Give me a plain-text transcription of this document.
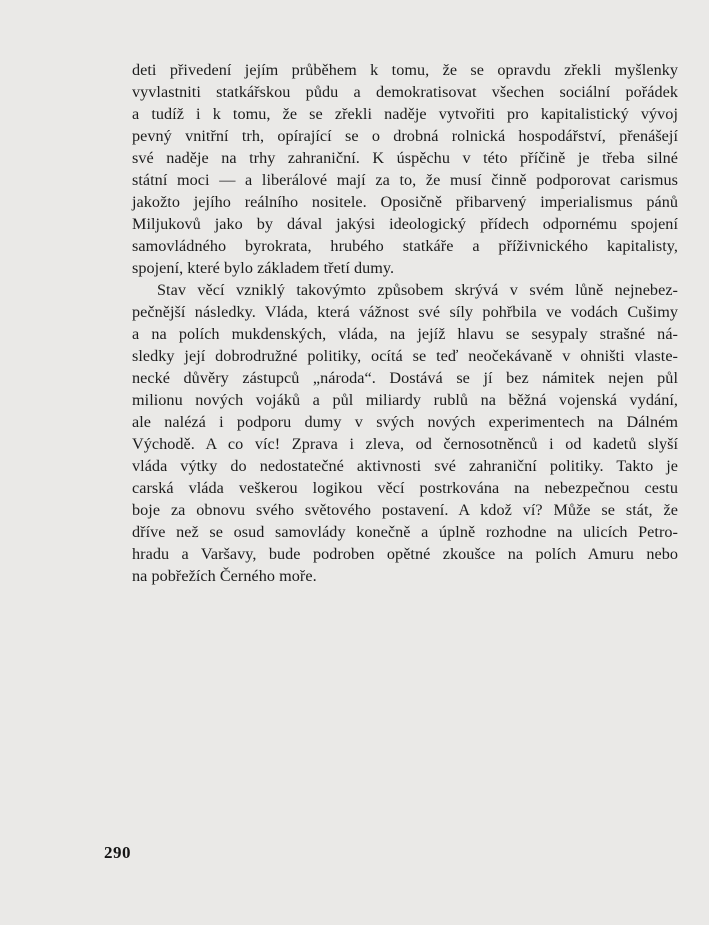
deti přivedení jejím průběhem k tomu, že se opravdu zřekli myšlenky
vyvlastniti statkářskou půdu a demokratisovat všechen sociální pořádek
a tudíž i k tomu, že se zřekli naděje vytvořiti pro kapitalistický vývoj
pevný vnitřní trh, opírající se o drobná rolnická hospodářství, přenášejí
své naděje na trhy zahraniční. K úspěchu v této příčině je třeba silné
státní moci — a liberálové mají za to, že musí činně podporovat carismus
jakožto jejího reálního nositele. Oposičně přibarvený imperialismus pánů
Miljukovů jako by dával jakýsi ideologický přídech odpornému spojení
samovládného byrokrata, hrubého statkáře a příživnického kapitalisty,
spojení, které bylo základem třetí dumy.
Stav věcí vzniklý takovýmto způsobem skrývá v svém lůně nejnebez-
pečnější následky. Vláda, která vážnost své síly pohřbila ve vodách Cušimy
a na polích mukdenských, vláda, na jejíž hlavu se sesypaly strašné ná-
sledky její dobrodružné politiky, ocítá se teď neočekávaně v ohništi vlaste-
necké důvěry zástupců „národa“. Dostává se jí bez námitek nejen půl
milionu nových vojáků a půl miliardy rublů na běžná vojenská vydání,
ale nalézá i podporu dumy v svých nových experimentech na Dálném
Východě. A co víc! Zprava i zleva, od černosotněnců i od kadetů slyší
vláda výtky do nedostatečné aktivnosti své zahraniční politiky. Takto je
carská vláda veškerou logikou věcí postrkována na nebezpečnou cestu
boje za obnovu svého světového postavení. A kdož ví? Může se stát, že
dříve než se osud samovlády konečně a úplně rozhodne na ulicích Petro-
hradu a Varšavy, bude podroben opětné zkoušce na polích Amuru nebo
na pobřežích Černého moře.
290
